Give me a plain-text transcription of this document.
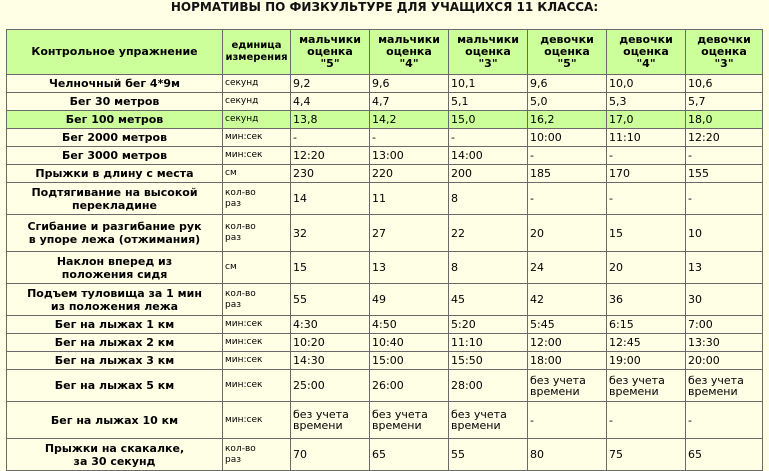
НОРМАТИВЫ ПО ФИЗКУЛЬТУРЕ ДЛЯ УЧАЩИХСЯ 11 КЛАССА:
Контрольное упражнение	единица
измерения	мальчики
оценка
"5"	мальчики
оценка
"4"	мальчики
оценка
"3"	девочки
оценка
"5"	девочки
оценка
"4"	девочки
оценка
"3"
Челночный бег 4*9м	секунд	9,2	9,6	10,1	9,6	10,0	10,6
Бег 30 метров	секунд	4,4	4,7	5,1	5,0	5,3	5,7
Бег 100 метров	секунд	13,8	14,2	15,0	16,2	17,0	18,0
Бег 2000 метров	мин:сек	-	-	-	10:00	11:10	12:20
Бег 3000 метров	мин:сек	12:20	13:00	14:00	-	-	-
Прыжки в длину с места	см	230	220	200	185	170	155
Подтягивание на высокой
перекладине	кол-во
раз	14	11	8	-	-	-
Сгибание и разгибание рук
в упоре лежа (отжимания)	кол-во
раз	32	27	22	20	15	10
Наклон вперед из
положения сидя	см	15	13	8	24	20	13
Подъем туловища за 1 мин
из положения лежа	кол-во
раз	55	49	45	42	36	30
Бег на лыжах 1 км	мин:сек	4:30	4:50	5:20	5:45	6:15	7:00
Бег на лыжах 2 км	мин:сек	10:20	10:40	11:10	12:00	12:45	13:30
Бег на лыжах 3 км	мин:сек	14:30	15:00	15:50	18:00	19:00	20:00
Бег на лыжах 5 км	мин:сек	25:00	26:00	28:00	без учета
времени	без учета
времени	без учета
времени
Бег на лыжах 10 км	мин:сек	без учета
времени	без учета
времени	без учета
времени	-	-	-
Прыжки на скакалке,
за 30 секунд	кол-во
раз	70	65	55	80	75	65
